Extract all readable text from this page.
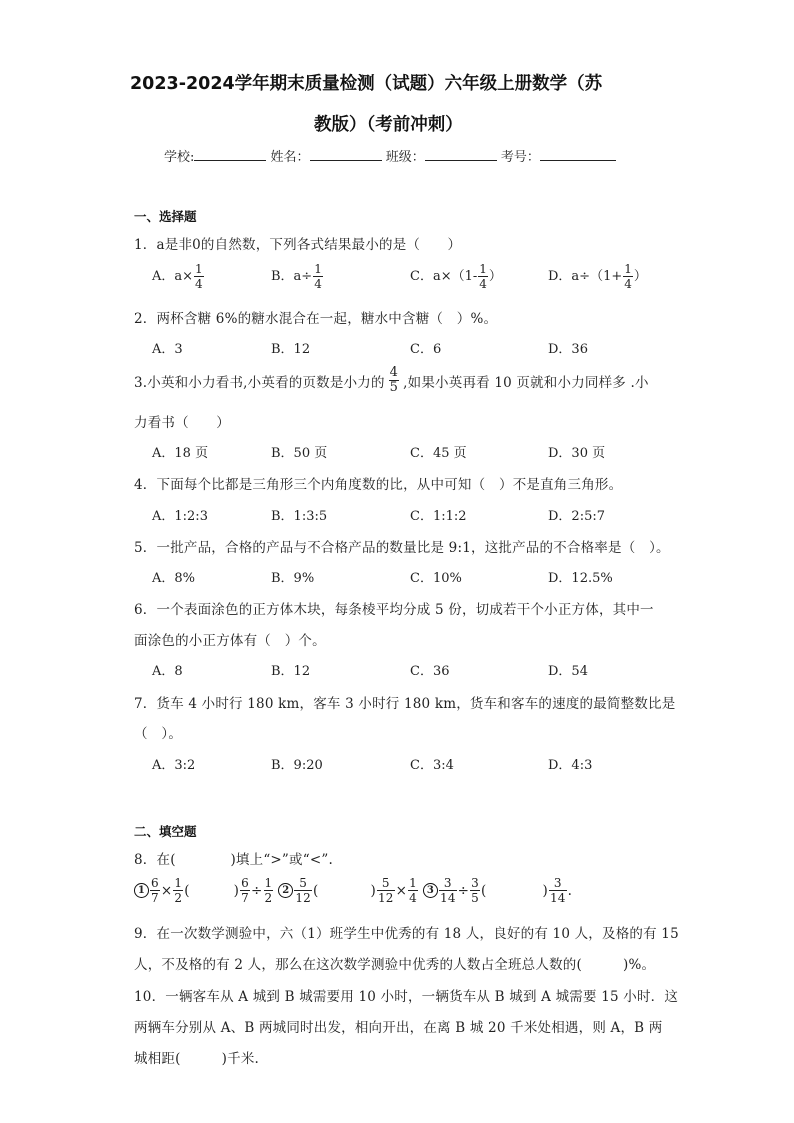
2023-2024学年期末质量检测（试题）六年级上册数学（苏
教版）（考前冲刺）
学校:	姓名：	班级：	考号：
一、选择题
1．a是非0的自然数，下列各式结果最小的是（　　）
A．$a\times \frac{1}{4}$	B．$a\div \frac{1}{4}$	C．$a\times(1- \frac{1}{4}$ ）	D．$a\div(1+ \frac{1}{4}$ ）
2．两杯含糖 6%的糖水混合在一起，糖水中含糖（　）%。
A．3	B．12	C．6	D．36
3.小英和小力看书,小英看的页数是小力的 $\frac{4}{5}$ ,如果小英再看 10 页就和小力同样多 .小
力看书（　　）
A．18 页	B．50 页	C．45 页	D．30 页
4．下面每个比都是三角形三个内角度数的比，从中可知（　）不是直角三角形。
A．1:2:3	B．1:3:5	C．1:1:2	D．2:5:7
5．一批产品，合格的产品与不合格产品的数量比是 9:1，这批产品的不合格率是（　）。
A．8%	B．9%	C．10%	D．12.5%
6．一个表面涂色的正方体木块，每条棱平均分成 5 份，切成若干个小正方体，其中一
面涂色的小正方体有（　）个。
A．8	B．12	C．36	D．54
7．货车 4 小时行 180 km，客车 3 小时行 180 km，货车和客车的速度的最简整数比是
（　）。
A．3:2	B．9:20	C．3:4	D．4:3
二、填空题
8．在(　　　　)填上“>”或“<”.
$1 \frac{6}{7} \times \frac{1}{2}$ (	) $\frac{6}{7} \div \frac{1}{2} 2 \frac{5}{12}$ (	) $\frac{5}{12} \times \frac{1}{4} 3 \frac{3}{14} \div \frac{3}{5}$ (	) $\frac{3}{14}$ .
9．在一次数学测验中，六（1）班学生中优秀的有 18 人，良好的有 10 人，及格的有 15
人，不及格的有 2 人，那么在这次数学测验中优秀的人数占全班总人数的(　　　)%。
10．一辆客车从 A 城到 B 城需要用 10 小时，一辆货车从 B 城到 A 城需要 15 小时．这
两辆车分别从 A、B 两城同时出发，相向开出，在离 B 城 20 千米处相遇，则 A，B 两
城相距(　　　)千米.
